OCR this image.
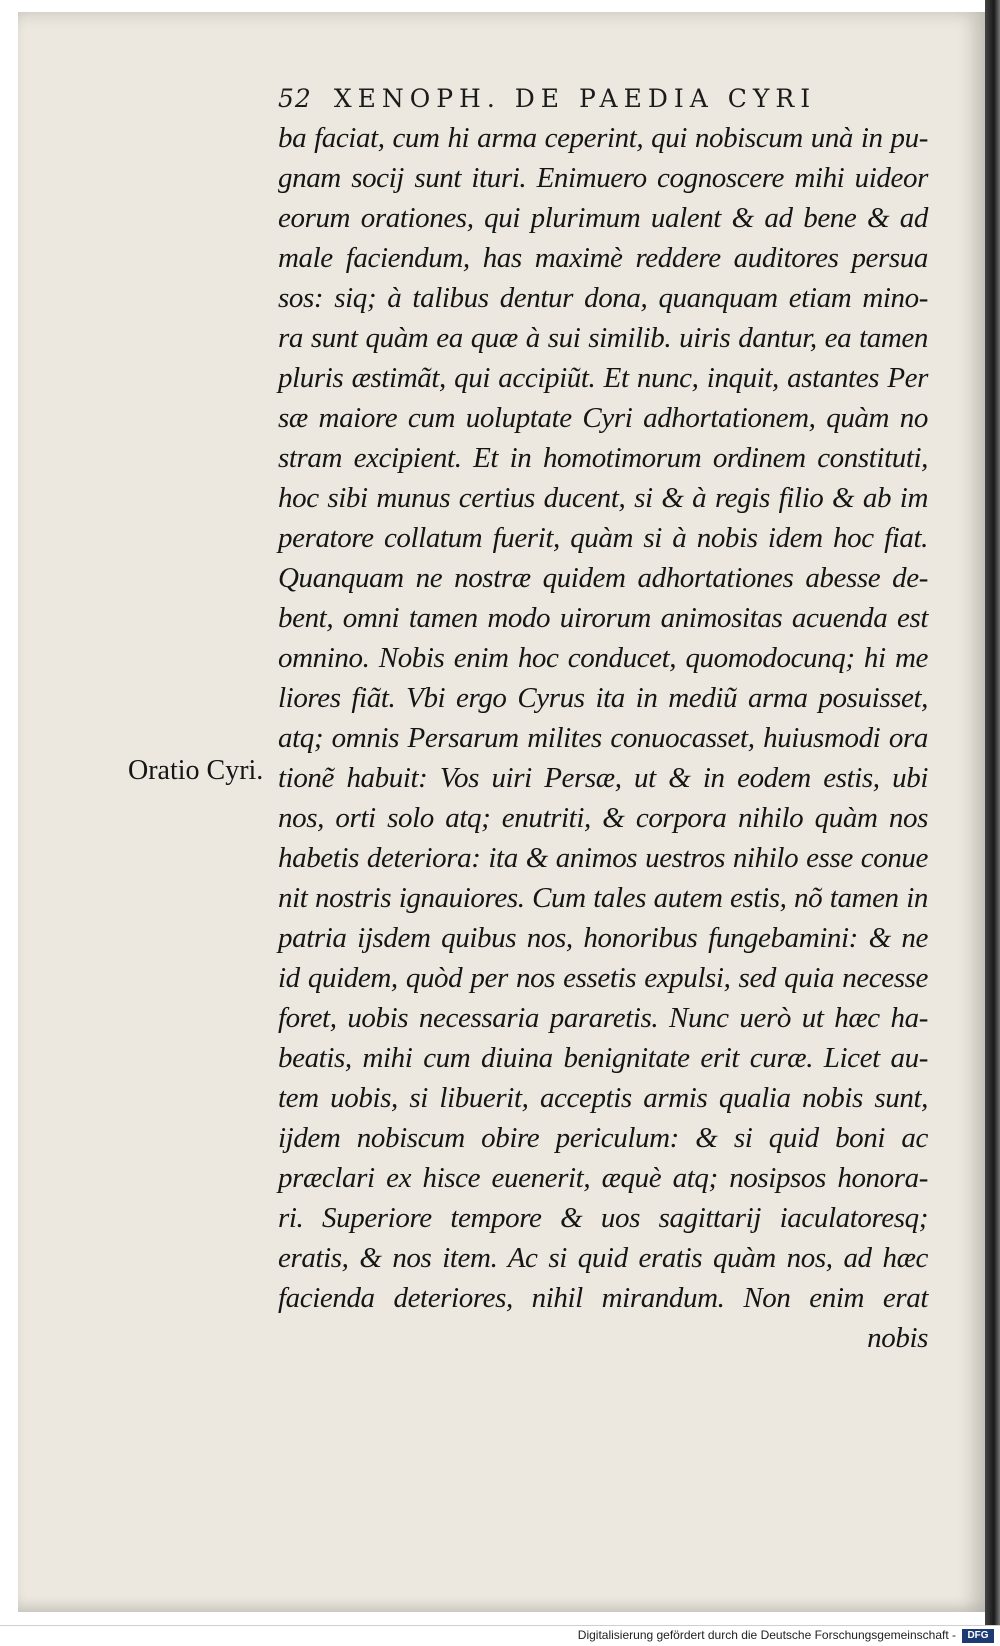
52 XENOPH. DE PAEDIA CYRI
Oratio Cyri.
ba faciat, cum hi arma ceperint, qui nobiscum unà in pu-
gnam socij sunt ituri. Enimuero cognoscere mihi uideor
eorum orationes, qui plurimum ualent & ad bene & ad
male faciendum, has maximè reddere auditores persua
sos: siq; à talibus dentur dona, quanquam etiam mino-
ra sunt quàm ea quæ à sui similib. uiris dantur, ea tamen
pluris æstimãt, qui accipiũt. Et nunc, inquit, astantes Per
sæ maiore cum uoluptate Cyri adhortationem, quàm no
stram excipient. Et in homotimorum ordinem constituti,
hoc sibi munus certius ducent, si & à regis filio & ab im
peratore collatum fuerit, quàm si à nobis idem hoc fiat.
Quanquam ne nostræ quidem adhortationes abesse de-
bent, omni tamen modo uirorum animositas acuenda est
omnino. Nobis enim hoc conducet, quomodocunq; hi me
liores fiãt. Vbi ergo Cyrus ita in mediũ arma posuisset,
atq; omnis Persarum milites conuocasset, huiusmodi ora
tionẽ habuit: Vos uiri Persæ, ut & in eodem estis, ubi
nos, orti solo atq; enutriti, & corpora nihilo quàm nos
habetis deteriora: ita & animos uestros nihilo esse conue
nit nostris ignauiores. Cum tales autem estis, nõ tamen in
patria ijsdem quibus nos, honoribus fungebamini: & ne
id quidem, quòd per nos essetis expulsi, sed quia necesse
foret, uobis necessaria pararetis. Nunc uerò ut hæc ha-
beatis, mihi cum diuina benignitate erit curæ. Licet au-
tem uobis, si libuerit, acceptis armis qualia nobis sunt,
ijdem nobiscum obire periculum: & si quid boni ac
præclari ex hisce euenerit, æquè atq; nosipsos honora-
ri. Superiore tempore & uos sagittarij iaculatoresq;
eratis, & nos item. Ac si quid eratis quàm nos, ad hæc
facienda deteriores, nihil mirandum. Non enim erat
nobis
Digitalisierung gefördert durch die Deutsche Forschungsgemeinschaft -	DFG
